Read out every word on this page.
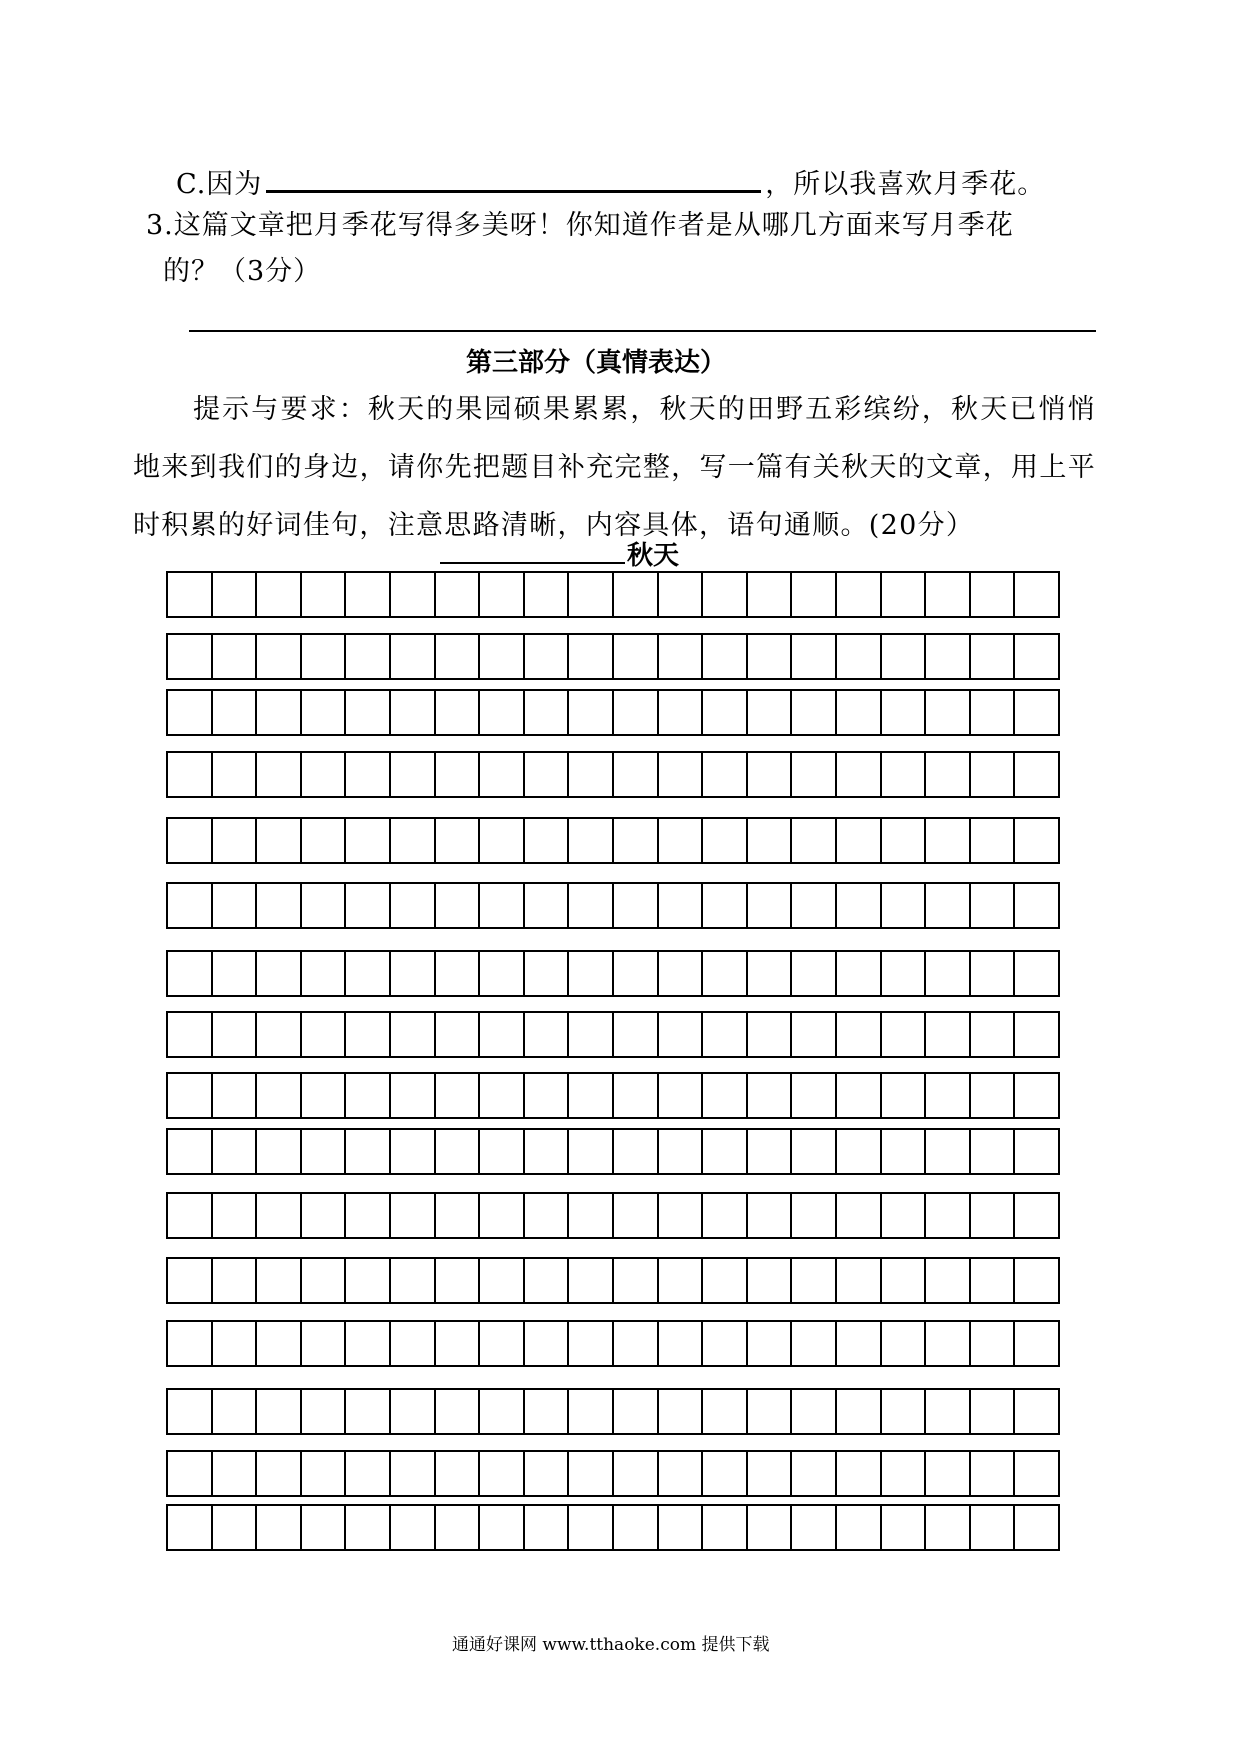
C.因为	，所以我喜欢月季花。
3.这篇文章把月季花写得多美呀！你知道作者是从哪几方面来写月季花
的？（3分）
第三部分（真情表达）
提示与要求：秋天的果园硕果累累，秋天的田野五彩缤纷，秋天已悄悄地来到我们的身边，请你先把题目补充完整，写一篇有关秋天的文章，用上平时积累的好词佳句，注意思路清晰，内容具体，语句通顺。(20分）
秋天
通通好课网 www.tthaoke.com 提供下载
